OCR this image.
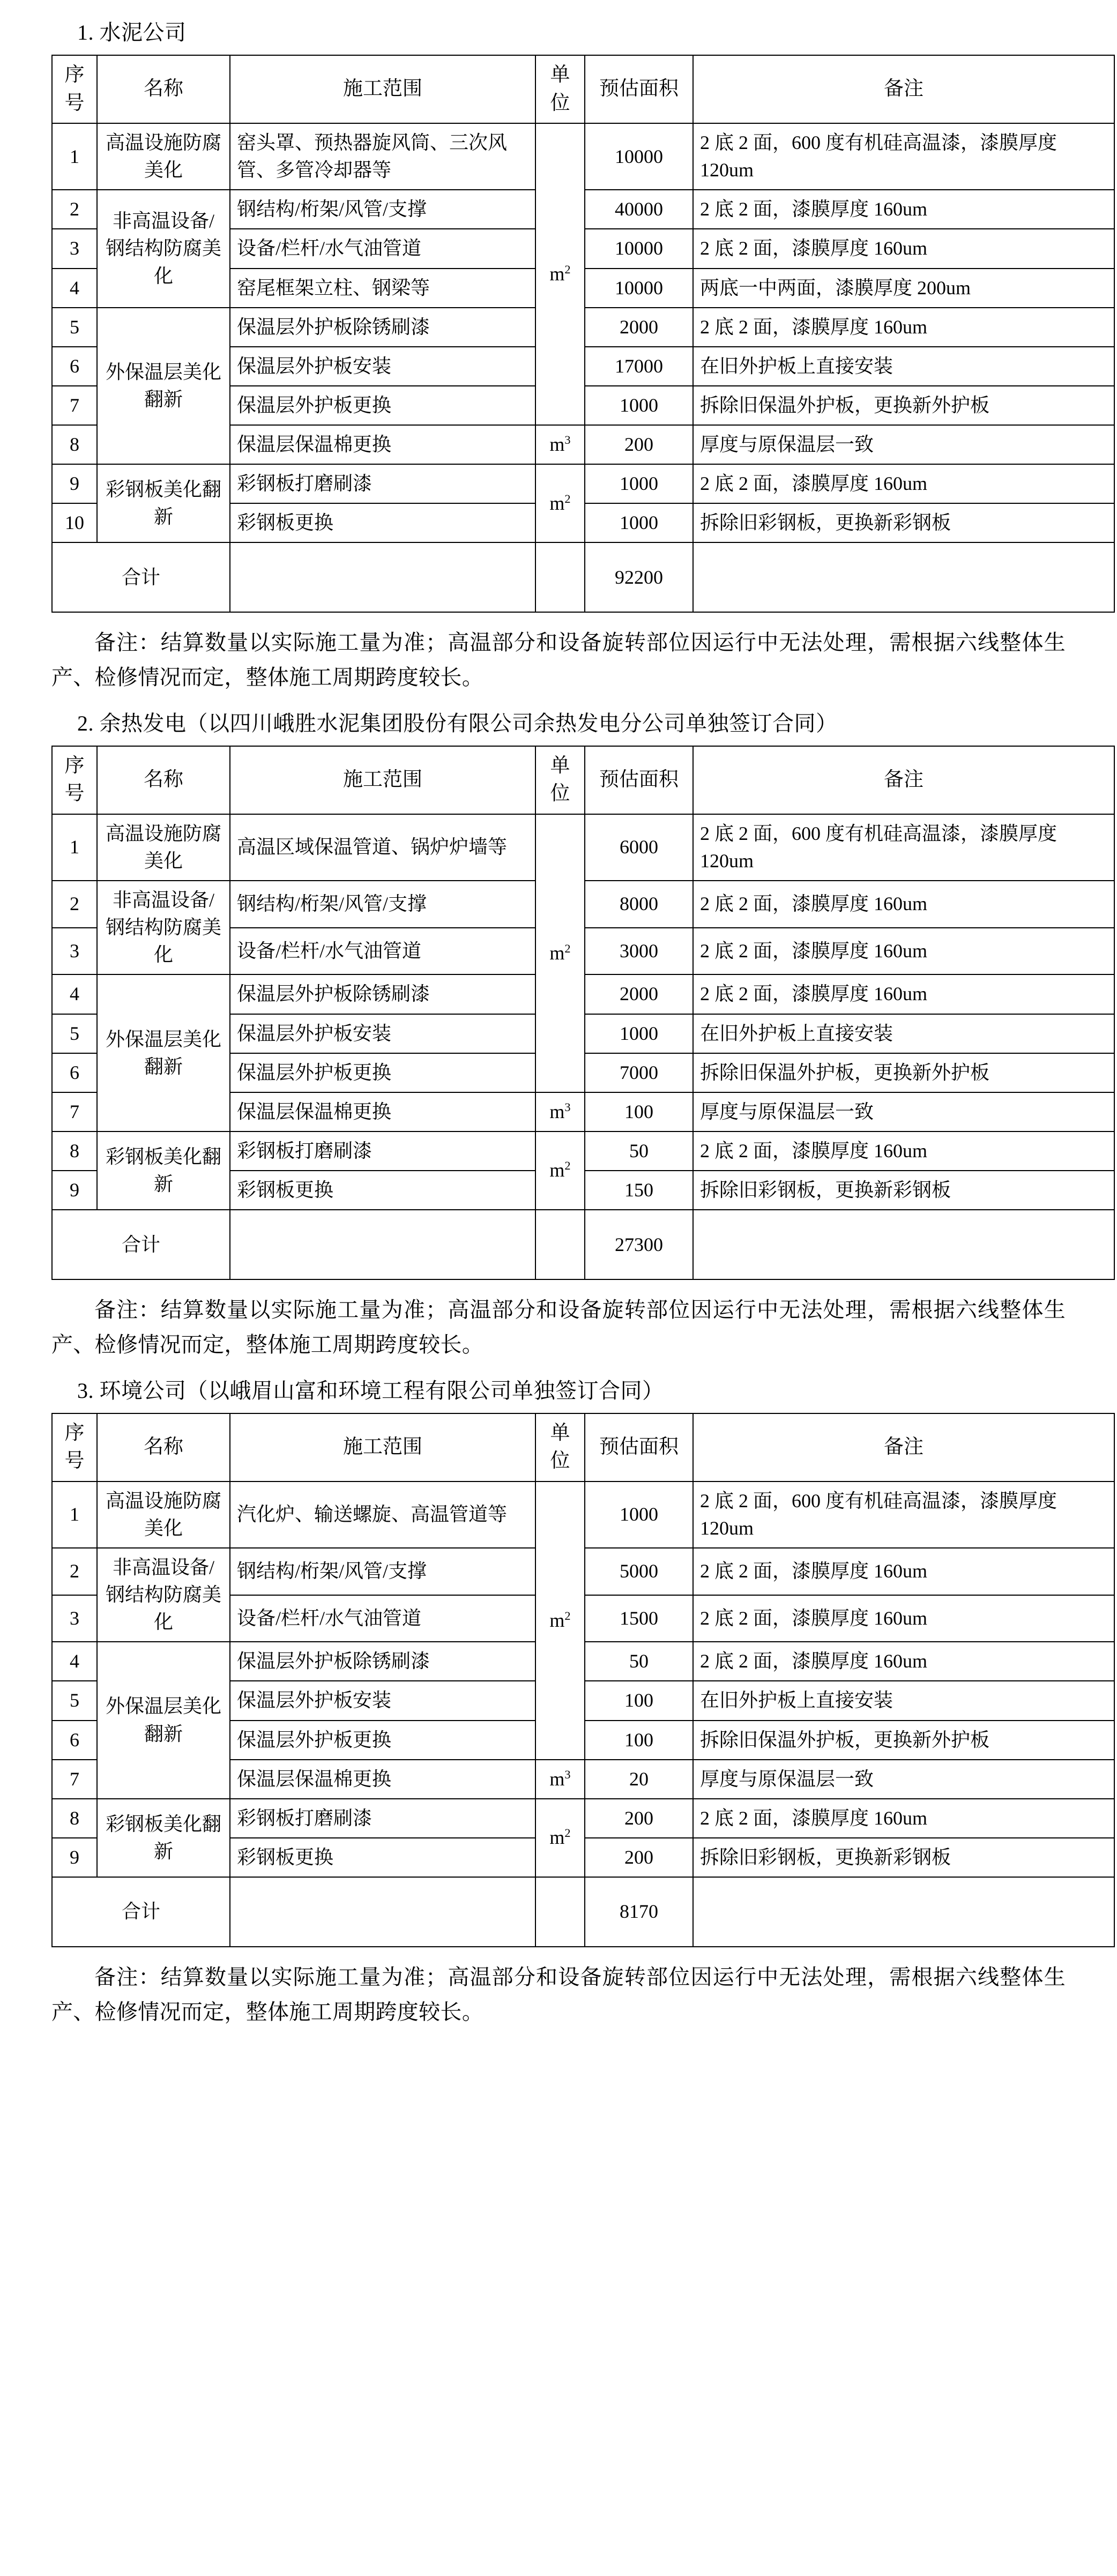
1. 水泥公司
序号	名称	施工范围	单位	预估面积	备注
1	高温设施防腐美化	窑头罩、预热器旋风筒、三次风管、多管冷却器等	$m^2$	10000	2 底 2 面，600 度有机硅高温漆，漆膜厚度 120um
2	非高温设备/钢结构防腐美化	钢结构/桁架/风管/支撑		40000	2 底 2 面，漆膜厚度 160um
3		设备/栏杆/水气油管道		10000	2 底 2 面，漆膜厚度 160um
4		窑尾框架立柱、钢梁等		10000	两底一中两面，漆膜厚度 200um
5	外保温层美化翻新	保温层外护板除锈刷漆		2000	2 底 2 面，漆膜厚度 160um
6		保温层外护板安装		17000	在旧外护板上直接安装
7		保温层外护板更换		1000	拆除旧保温外护板，更换新外护板
8		保温层保温棉更换	$m^3$	200	厚度与原保温层一致
9	彩钢板美化翻新	彩钢板打磨刷漆	$m^2$	1000	2 底 2 面，漆膜厚度 160um
10		彩钢板更换		1000	拆除旧彩钢板，更换新彩钢板
合计				92200	

备注：结算数量以实际施工量为准；高温部分和设备旋转部位因运行中无法处理，需根据六线整体生产、检修情况而定，整体施工周期跨度较长。

2. 余热发电（以四川峨胜水泥集团股份有限公司余热发电分公司单独签订合同）
序号	名称	施工范围	单位	预估面积	备注
1	高温设施防腐美化	高温区域保温管道、锅炉炉墙等	$m^2$	6000	2 底 2 面，600 度有机硅高温漆，漆膜厚度 120um
2	非高温设备/钢结构防腐美化	钢结构/桁架/风管/支撑		8000	2 底 2 面，漆膜厚度 160um
3		设备/栏杆/水气油管道		3000	2 底 2 面，漆膜厚度 160um
4	外保温层美化翻新	保温层外护板除锈刷漆		2000	2 底 2 面，漆膜厚度 160um
5		保温层外护板安装		1000	在旧外护板上直接安装
6		保温层外护板更换		7000	拆除旧保温外护板，更换新外护板
7		保温层保温棉更换	$m^3$	100	厚度与原保温层一致
8	彩钢板美化翻新	彩钢板打磨刷漆	$m^2$	50	2 底 2 面，漆膜厚度 160um
9		彩钢板更换		150	拆除旧彩钢板，更换新彩钢板
合计				27300	

备注：结算数量以实际施工量为准；高温部分和设备旋转部位因运行中无法处理，需根据六线整体生产、检修情况而定，整体施工周期跨度较长。

3. 环境公司（以峨眉山富和环境工程有限公司单独签订合同）
序号	名称	施工范围	单位	预估面积	备注
1	高温设施防腐美化	汽化炉、输送螺旋、高温管道等	$m^2$	1000	2 底 2 面，600 度有机硅高温漆，漆膜厚度 120um
2	非高温设备/钢结构防腐美化	钢结构/桁架/风管/支撑		5000	2 底 2 面，漆膜厚度 160um
3		设备/栏杆/水气油管道		1500	2 底 2 面，漆膜厚度 160um
4	外保温层美化翻新	保温层外护板除锈刷漆		50	2 底 2 面，漆膜厚度 160um
5		保温层外护板安装		100	在旧外护板上直接安装
6		保温层外护板更换		100	拆除旧保温外护板，更换新外护板
7		保温层保温棉更换	$m^3$	20	厚度与原保温层一致
8	彩钢板美化翻新	彩钢板打磨刷漆	$m^2$	200	2 底 2 面，漆膜厚度 160um
9		彩钢板更换		200	拆除旧彩钢板，更换新彩钢板
合计				8170	

备注：结算数量以实际施工量为准；高温部分和设备旋转部位因运行中无法处理，需根据六线整体生产、检修情况而定，整体施工周期跨度较长。
